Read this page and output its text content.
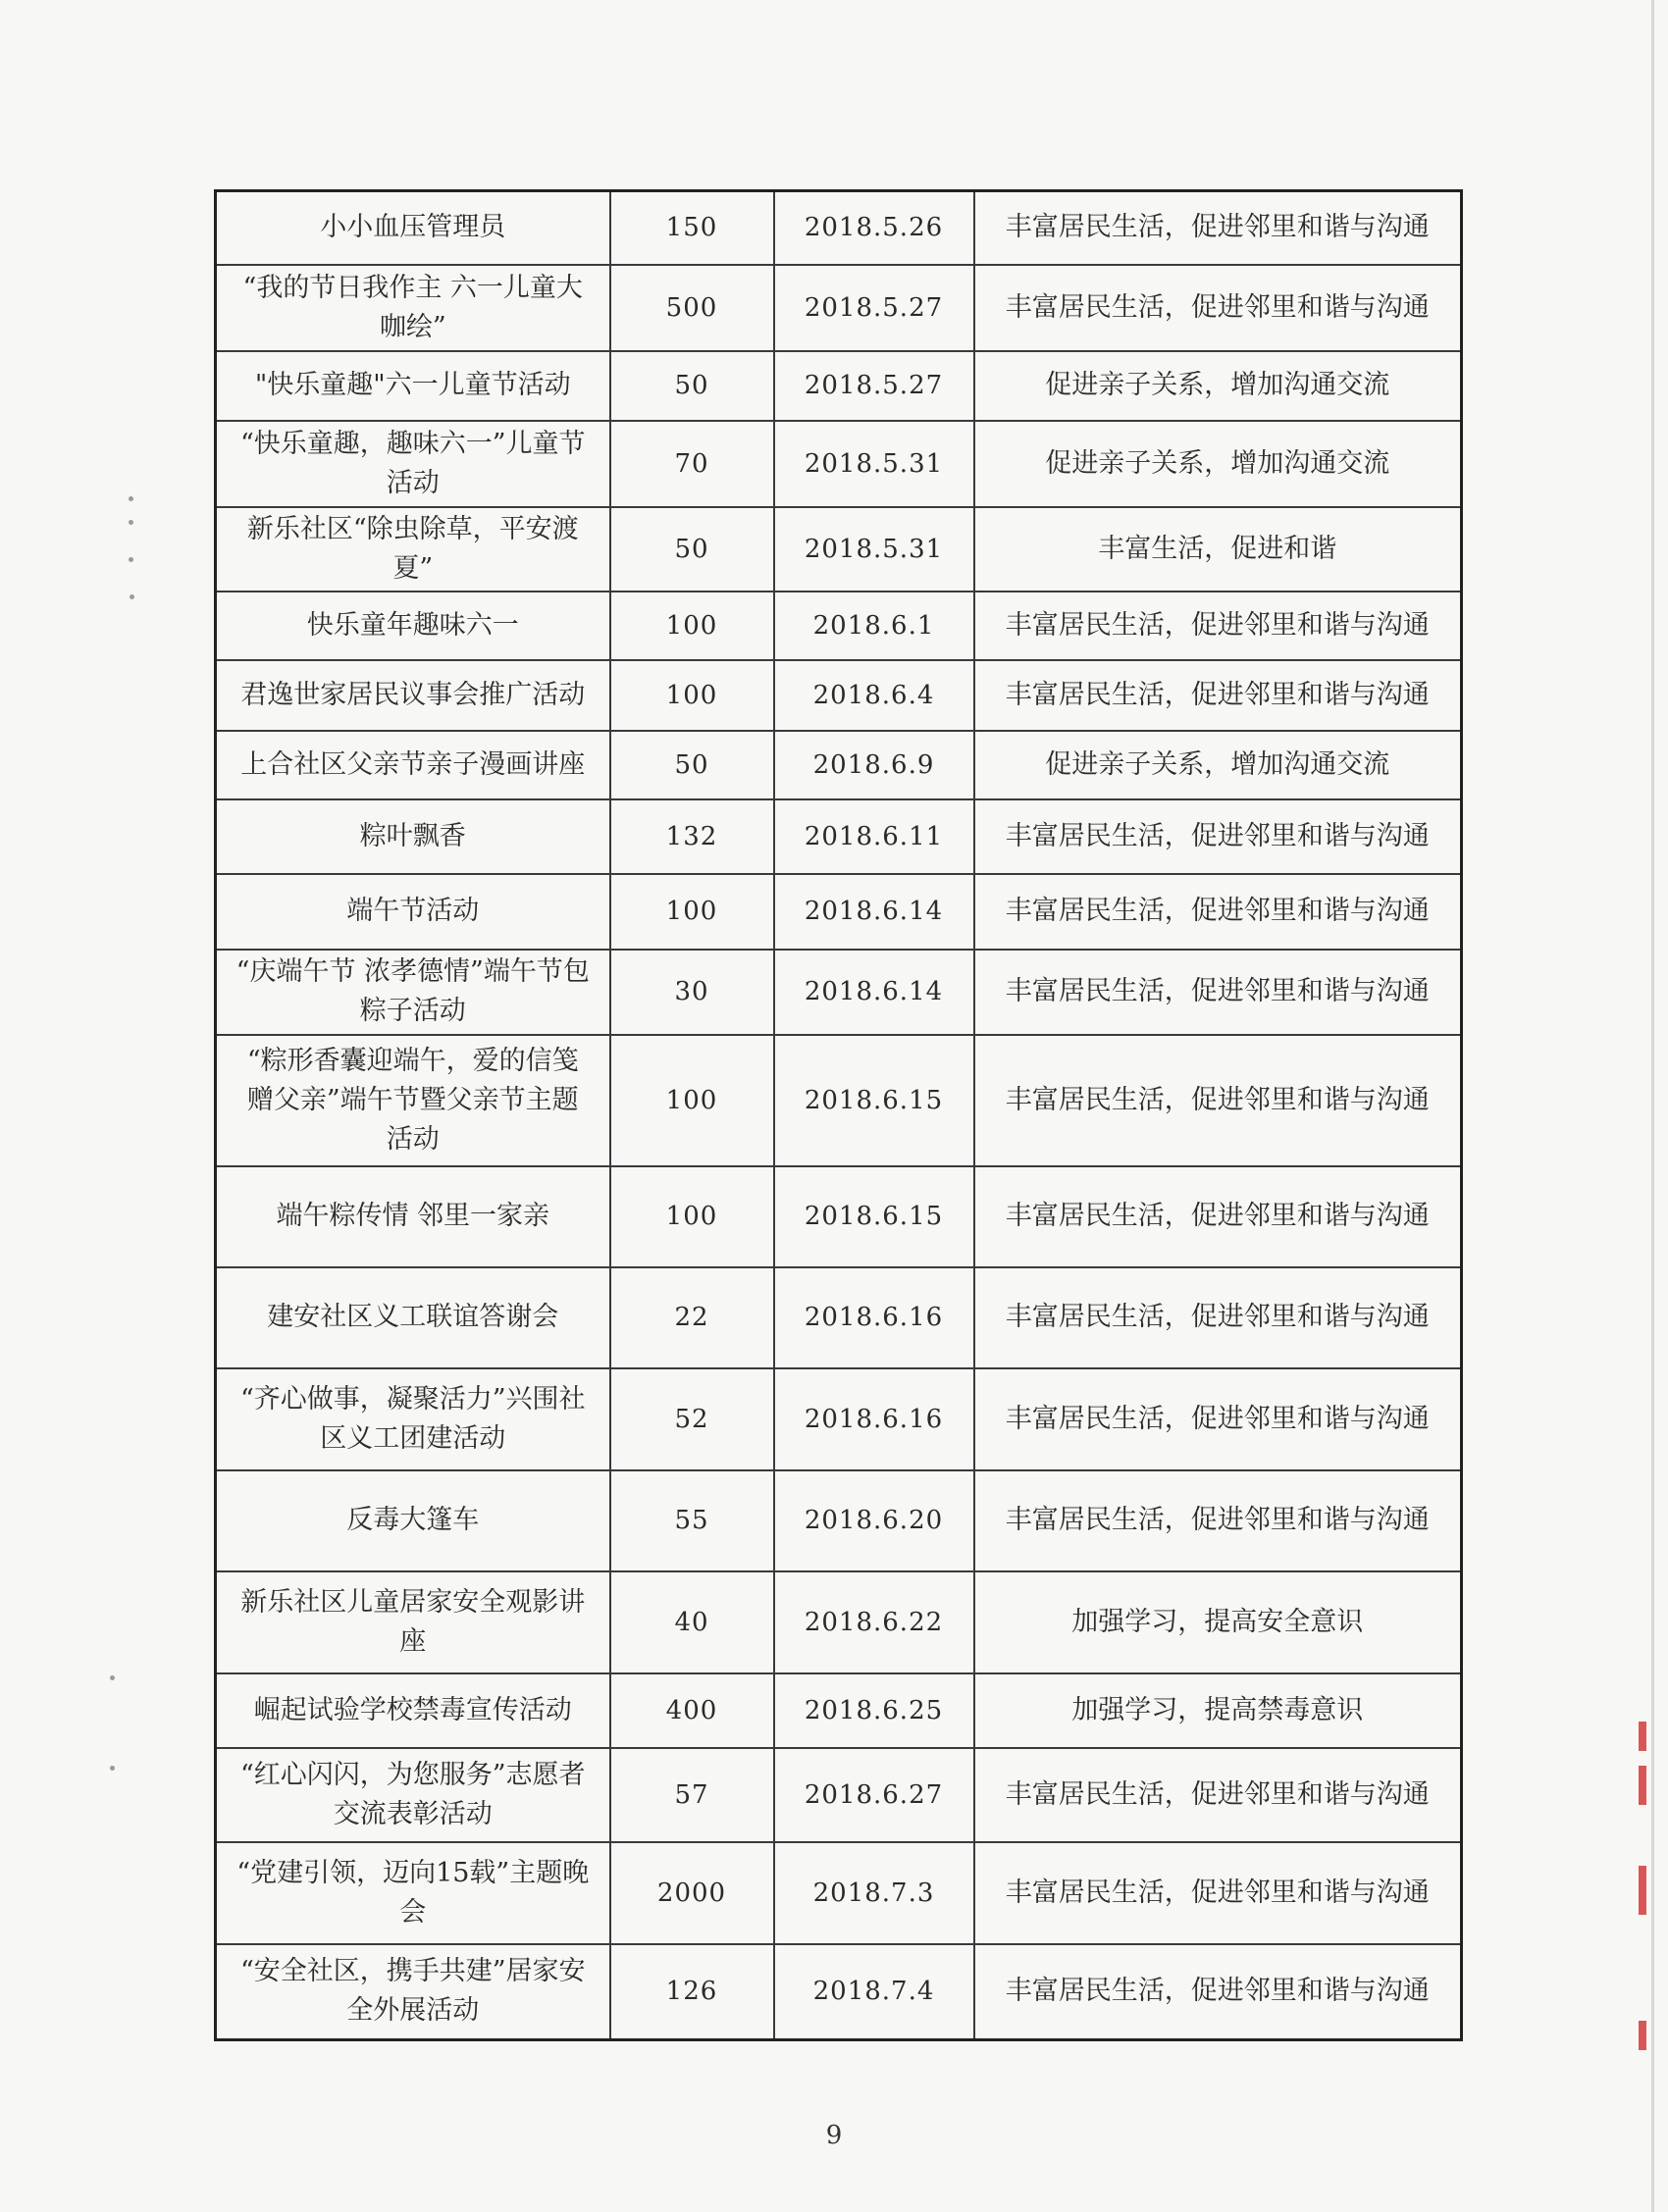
小小血压管理员	150	2018.5.26	丰富居民生活，促进邻里和谐与沟通
“我的节日我作主 六一儿童大咖绘”	500	2018.5.27	丰富居民生活，促进邻里和谐与沟通
"快乐童趣"六一儿童节活动	50	2018.5.27	促进亲子关系，增加沟通交流
“快乐童趣，趣味六一”儿童节活动	70	2018.5.31	促进亲子关系，增加沟通交流
新乐社区“除虫除草，平安渡夏”	50	2018.5.31	丰富生活，促进和谐
快乐童年趣味六一	100	2018.6.1	丰富居民生活，促进邻里和谐与沟通
君逸世家居民议事会推广活动	100	2018.6.4	丰富居民生活，促进邻里和谐与沟通
上合社区父亲节亲子漫画讲座	50	2018.6.9	促进亲子关系，增加沟通交流
粽叶飘香	132	2018.6.11	丰富居民生活，促进邻里和谐与沟通
端午节活动	100	2018.6.14	丰富居民生活，促进邻里和谐与沟通
“庆端午节 浓孝德情”端午节包粽子活动	30	2018.6.14	丰富居民生活，促进邻里和谐与沟通
“粽形香囊迎端午，爱的信笺赠父亲”端午节暨父亲节主题活动	100	2018.6.15	丰富居民生活，促进邻里和谐与沟通
端午粽传情 邻里一家亲	100	2018.6.15	丰富居民生活，促进邻里和谐与沟通
建安社区义工联谊答谢会	22	2018.6.16	丰富居民生活，促进邻里和谐与沟通
“齐心做事，凝聚活力”兴围社区义工团建活动	52	2018.6.16	丰富居民生活，促进邻里和谐与沟通
反毒大篷车	55	2018.6.20	丰富居民生活，促进邻里和谐与沟通
新乐社区儿童居家安全观影讲座	40	2018.6.22	加强学习，提高安全意识
崛起试验学校禁毒宣传活动	400	2018.6.25	加强学习，提高禁毒意识
“红心闪闪，为您服务”志愿者交流表彰活动	57	2018.6.27	丰富居民生活，促进邻里和谐与沟通
“党建引领，迈向15载”主题晚会	2000	2018.7.3	丰富居民生活，促进邻里和谐与沟通
“安全社区，携手共建”居家安全外展活动	126	2018.7.4	丰富居民生活，促进邻里和谐与沟通
9
